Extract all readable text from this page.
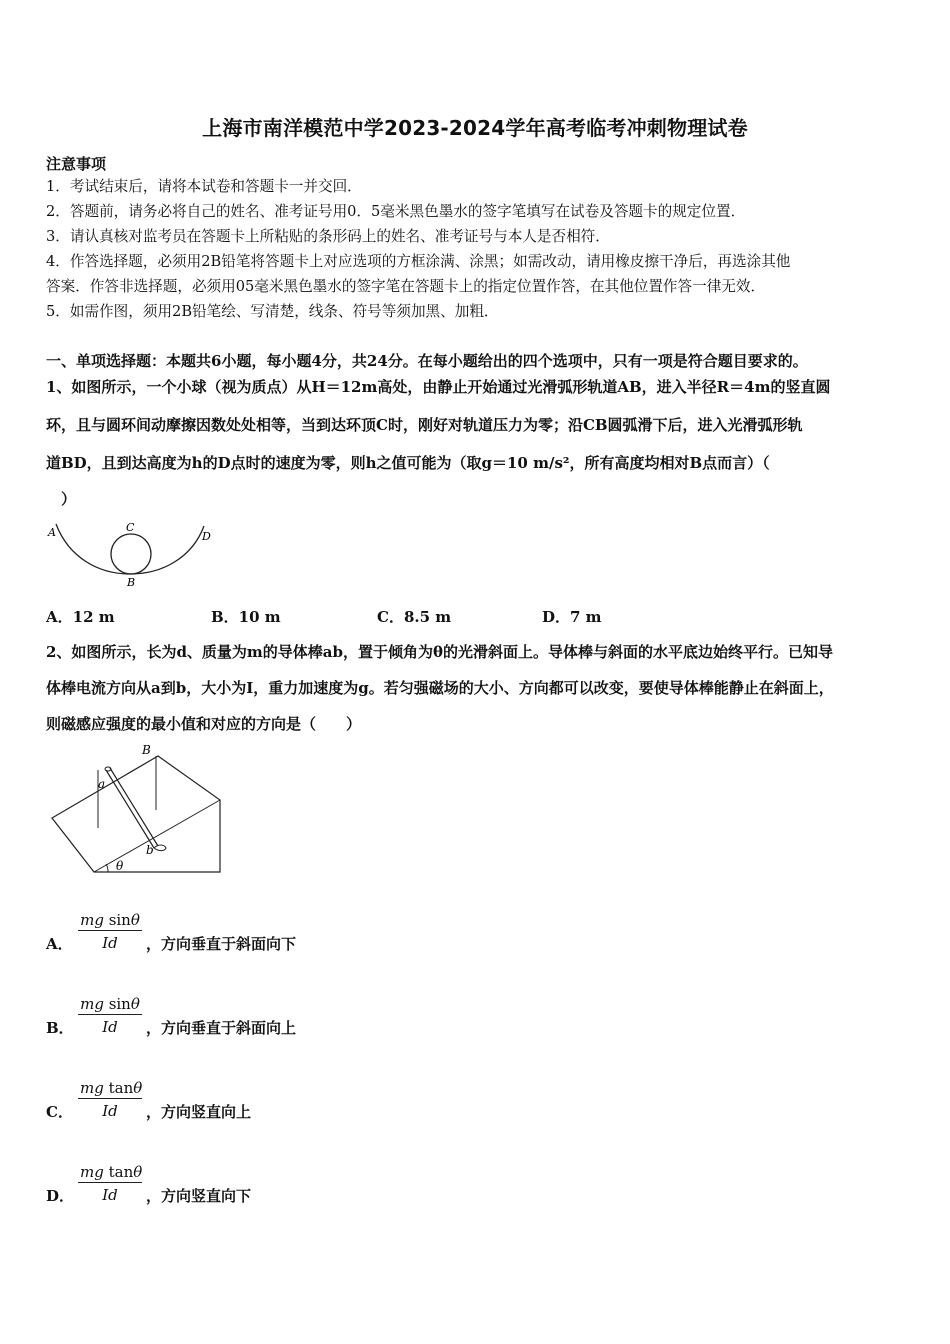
上海市南洋模范中学2023-2024学年高考临考冲刺物理试卷
注意事项
1．考试结束后，请将本试卷和答题卡一并交回．
2．答题前，请务必将自己的姓名、准考证号用0．5毫米黑色墨水的签字笔填写在试卷及答题卡的规定位置．
3．请认真核对监考员在答题卡上所粘贴的条形码上的姓名、准考证号与本人是否相符．
4．作答选择题，必须用2B铅笔将答题卡上对应选项的方框涂满、涂黑；如需改动，请用橡皮擦干净后，再选涂其他
答案．作答非选择题，必须用05毫米黑色墨水的签字笔在答题卡上的指定位置作答，在其他位置作答一律无效．
5．如需作图，须用2B铅笔绘、写清楚，线条、符号等须加黑、加粗．
一、单项选择题：本题共6小题，每小题4分，共24分。在每小题给出的四个选项中，只有一项是符合题目要求的。
1、如图所示，一个小球（视为质点）从H＝12m高处，由静止开始通过光滑弧形轨道AB，进入半径R＝4m的竖直圆
环，且与圆环间动摩擦因数处处相等，当到达环顶C时，刚好对轨道压力为零；沿CB圆弧滑下后，进入光滑弧形轨
道BD，且到达高度为h的D点时的速度为零，则h之值可能为（取g＝10 m/s²，所有高度均相对B点而言）（
　）
A	C
D
B
A．12 m	B．10 m	C．8.5 m	D．7 m
2、如图所示，长为d、质量为m的导体棒ab，置于倾角为θ的光滑斜面上。导体棒与斜面的水平底边始终平行。已知导
体棒电流方向从a到b，大小为I，重力加速度为g。若匀强磁场的大小、方向都可以改变，要使导体棒能静止在斜面上，
则磁感应强度的最小值和对应的方向是（　　）
B
a
b
θ
A． $\frac{\text{mg sinθ}}{Id}$ ，方向垂直于斜面向下
B． $\frac{\text{mg sinθ}}{Id}$ ，方向垂直于斜面向上
C． $\frac{\text{mg tanθ}}{Id}$ ，方向竖直向上
D． $\frac{\text{mg tanθ}}{Id}$ ，方向竖直向下
